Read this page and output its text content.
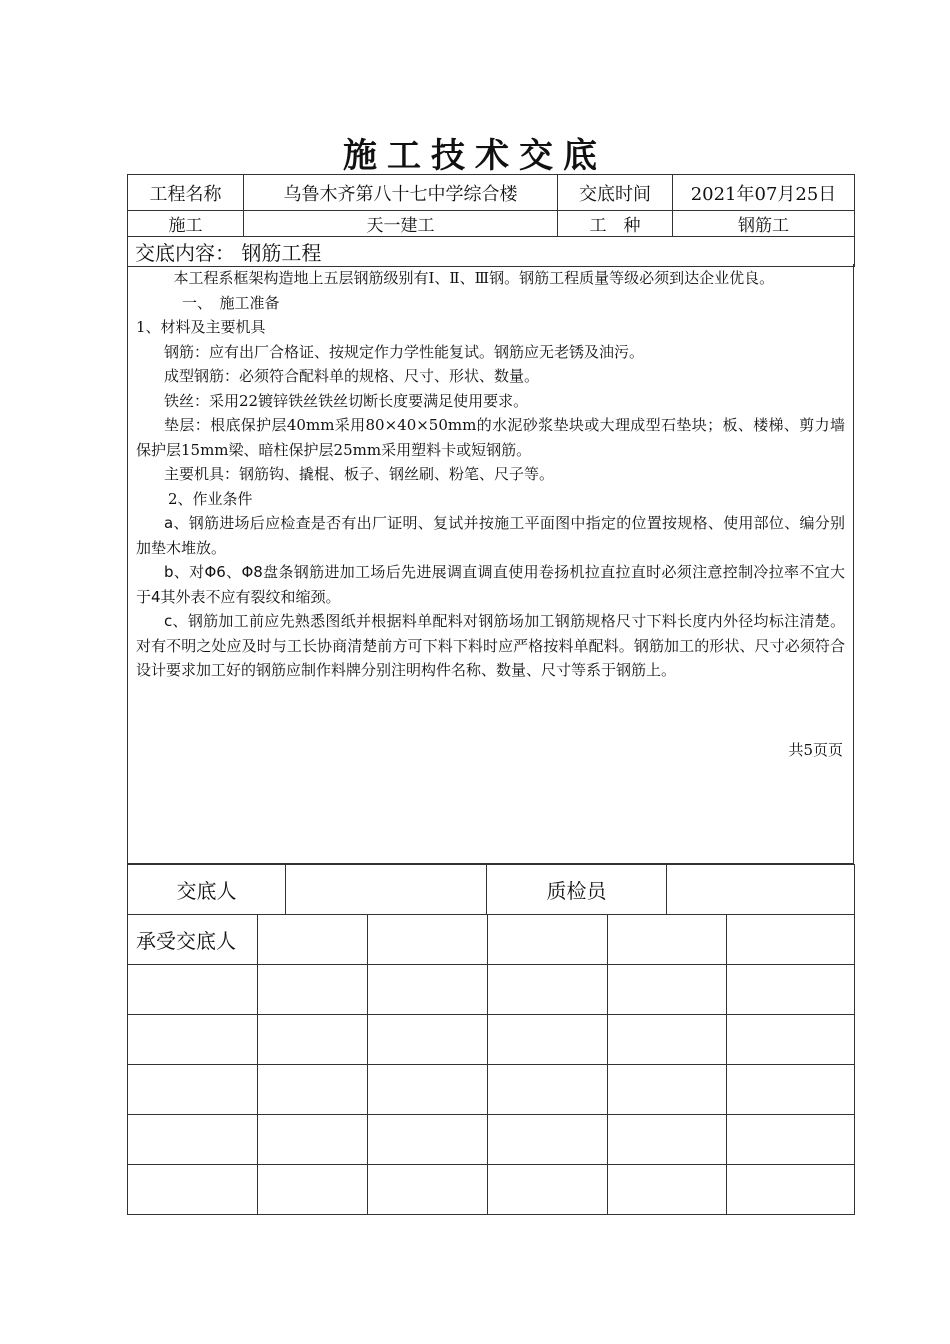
施工技术交底
工程名称	乌鲁木齐第八十七中学综合楼	交底时间	2021年07月25日
施工	天一建工	工　种	钢筋工
交底内容： 钢筋工程			

本工程系框架构造地上五层钢筋级别有Ⅰ、Ⅱ、Ⅲ钢。钢筋工程质量等级必须到达企业优良。

一、　施工准备

1、材料及主要机具

钢筋：应有出厂合格证、按规定作力学性能复试。钢筋应无老锈及油污。

成型钢筋：必须符合配料单的规格、尺寸、形状、数量。

铁丝：采用22镀锌铁丝铁丝切断长度要满足使用要求。

垫层：根底保护层40mm采用80×40×50mm的水泥砂浆垫块或大理成型石垫块；板、楼梯、剪力墙保护层15mm梁、暗柱保护层25mm采用塑料卡或短钢筋。

主要机具：钢筋钩、撬棍、板子、钢丝刷、粉笔、尺子等。

2、作业条件

a、钢筋进场后应检查是否有出厂证明、复试并按施工平面图中指定的位置按规格、使用部位、编分别加垫木堆放。

b、对Φ6、Φ8盘条钢筋进加工场后先进展调直调直使用卷扬机拉直拉直时必须注意控制冷拉率不宜大于4其外表不应有裂纹和缩颈。

c、钢筋加工前应先熟悉图纸并根据料单配料对钢筋场加工钢筋规格尺寸下料长度内外径均标注清楚。对有不明之处应及时与工长协商清楚前方可下料下料时应严格按料单配料。钢筋加工的形状、尺寸必须符合设计要求加工好的钢筋应制作料牌分别注明构件名称、数量、尺寸等系于钢筋上。

共5页页
交底人		质检员	
承受交底人					
